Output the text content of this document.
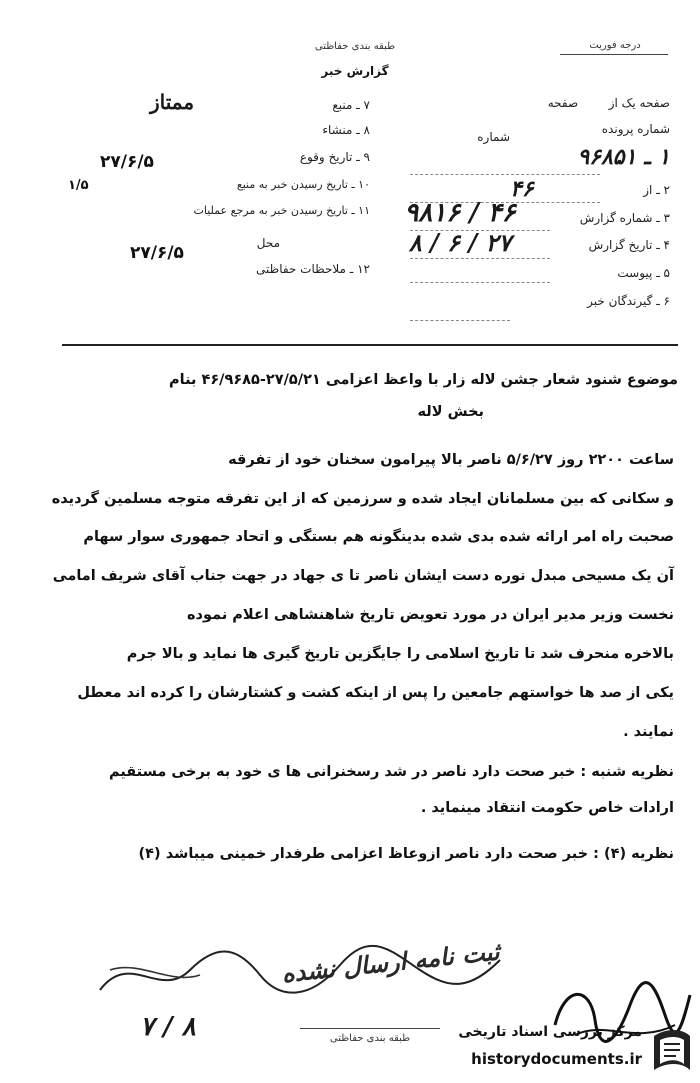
طبقه بندی حفاظتی	درجه فوریت
گزارش خبر
صفحه یک از        صفحه
شماره پرونده
شماره
۱ ـ ۹۶۸۵۱
۲ ـ از
۴۶
۳ ـ شماره گزارش
۹۸۱۶ / ۴۶
۴ ـ تاریخ گزارش
۸ / ۶ / ۲۷
۵ ـ پیوست
۶ ـ گیرندگان خبر
۷ ـ منبع
ممتاز
۸ ـ منشاء
۹ ـ تاریخ وقوع
۲۷/۶/۵
۱۰ ـ تاریخ رسیدن خبر به منبع
۱/۵
۱۱ ـ تاریخ رسیدن خبر به مرجع عملیات
محل
۲۷/۶/۵
۱۲ ـ ملاحظات حفاظتی
موضوع شنود شعار جشن لاله زار با واعظ اعزامی ۲۷/۵/۲۱-۴۶/۹۶۸۵ بنام
بخش لاله
ساعت ۲۲۰۰ روز ۵/۶/۲۷ ناصر بالا پیرامون سخنان خود از تفرقه
و سکانی که بین مسلمانان ایجاد شده و سرزمین که از این تفرقه متوجه مسلمین گردیده
صحبت راه امر ارائه شده بدی شده بدینگونه هم بستگی و اتحاد جمهوری سوار سهام
آن یک مسیحی مبدل نوره دست ایشان ناصر تا ی جهاد در جهت جناب آقای شریف امامی
نخست وزیر مدیر ایران در مورد تعویض تاریخ شاهنشاهی اعلام نموده
بالاخره منحرف شد تا تاریخ اسلامی را جایگزین تاریخ گیری ها نماید و بالا جرم
یکی از صد ها خواستهم جامعین را پس از اینکه کشت و کشتارشان را کرده اند معطل
نمایند .
نظریه شنبه : خبر صحت دارد ناصر در شد رسخنرانی ها ی خود به برخی مستقیم
ارادات خاص حکومت انتقاد مینماید .
نظریه (۴) : خبر صحت دارد ناصر ازوعاظ اعزامی طرفدار خمینی میباشد (۴)
ثبت نامه ارسال نشده
۷ / ۸	طبقه بندی حفاظتی	مرکز بررسی اسناد تاریخی
historydocuments.ir
